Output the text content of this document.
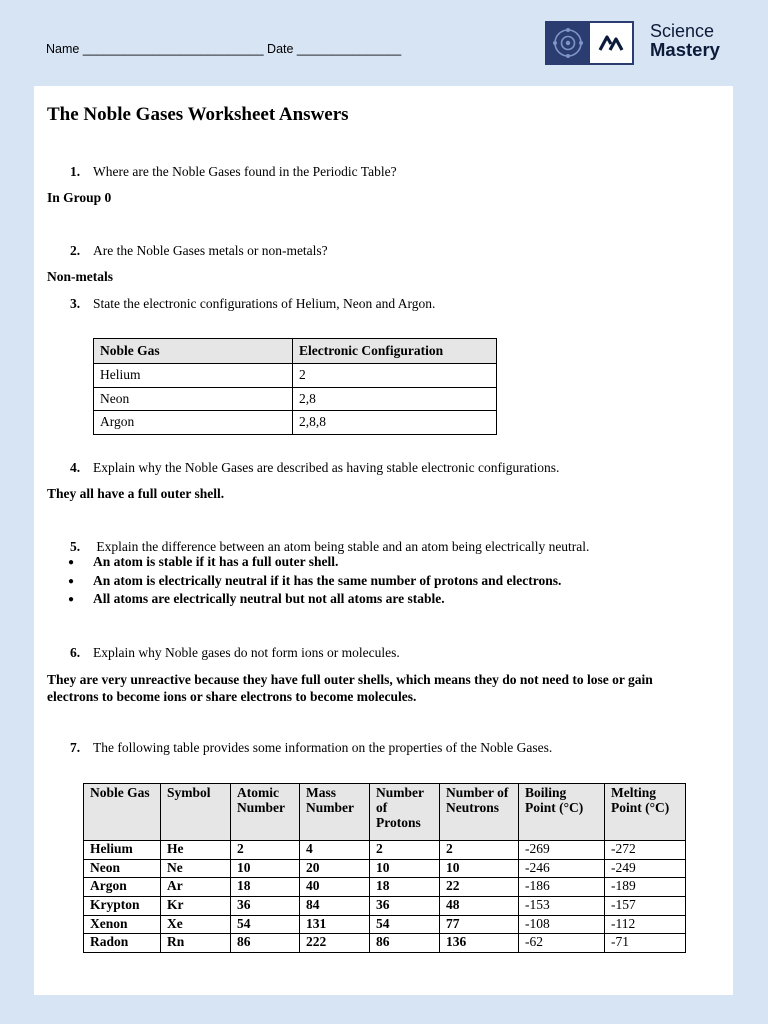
Name __________________________ Date _______________
Science
Mastery
The Noble Gases Worksheet Answers
1. Where are the Noble Gases found in the Periodic Table?
In Group 0
2. Are the Noble Gases metals or non-metals?
Non-metals
3. State the electronic configurations of Helium, Neon and Argon.
Noble Gas	Electronic Configuration
Helium	2
Neon	2,8
Argon	2,8,8
4. Explain why the Noble Gases are described as having stable electronic configurations.
They all have a full outer shell.
5. Explain the difference between an atom being stable and an atom being electrically neutral.
● An atom is stable if it has a full outer shell.
● An atom is electrically neutral if it has the same number of protons and electrons.
● All atoms are electrically neutral but not all atoms are stable.
6. Explain why Noble gases do not form ions or molecules.
They are very unreactive because they have full outer shells, which means they do not need to lose or gain electrons to become ions or share electrons to become molecules.
7. The following table provides some information on the properties of the Noble Gases.
Noble Gas	Symbol	Atomic Number	Mass Number	Number of Protons	Number of Neutrons	Boiling Point (°C)	Melting Point (°C)
Helium	He	2	4	2	2	-269	-272
Neon	Ne	10	20	10	10	-246	-249
Argon	Ar	18	40	18	22	-186	-189
Krypton	Kr	36	84	36	48	-153	-157
Xenon	Xe	54	131	54	77	-108	-112
Radon	Rn	86	222	86	136	-62	-71
